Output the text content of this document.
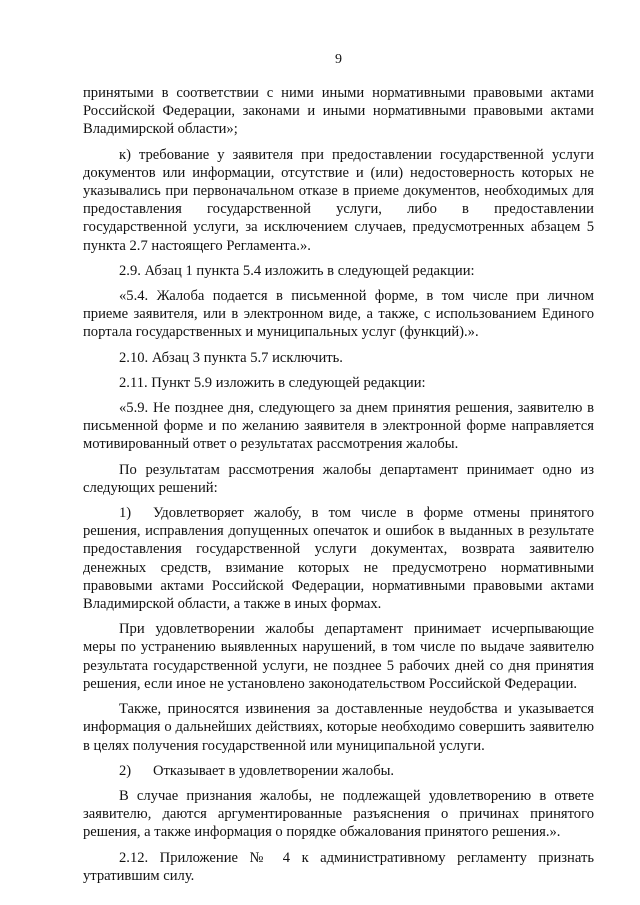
9

принятыми в соответствии с ними иными нормативными правовыми актами Российской Федерации, законами и иными нормативными правовыми актами Владимирской области»;

к) требование у заявителя при предоставлении государственной услуги документов или информации, отсутствие и (или) недостоверность которых не указывались при первоначальном отказе в приеме документов, необходимых для предоставления государственной услуги, либо в предоставлении государственной услуги, за исключением случаев, предусмотренных абзацем 5 пункта 2.7 настоящего Регламента.».

2.9. Абзац 1 пункта 5.4 изложить в следующей редакции:

«5.4. Жалоба подается в письменной форме, в том числе при личном приеме заявителя, или в электронном виде, а также, с использованием Единого портала государственных и муниципальных услуг (функций).».

2.10. Абзац 3 пункта 5.7 исключить.

2.11. Пункт 5.9 изложить в следующей редакции:

«5.9. Не позднее дня, следующего за днем принятия решения, заявителю в письменной форме и по желанию заявителя в электронной форме направляется мотивированный ответ о результатах рассмотрения жалобы.

По результатам рассмотрения жалобы департамент принимает одно из следующих решений:

1) Удовлетворяет жалобу, в том числе в форме отмены принятого решения, исправления допущенных опечаток и ошибок в выданных в результате предоставления государственной услуги документах, возврата заявителю денежных средств, взимание которых не предусмотрено нормативными правовыми актами Российской Федерации, нормативными правовыми актами Владимирской области, а также в иных формах.

При удовлетворении жалобы департамент принимает исчерпывающие меры по устранению выявленных нарушений, в том числе по выдаче заявителю результата государственной услуги, не позднее 5 рабочих дней со дня принятия решения, если иное не установлено законодательством Российской Федерации.

Также, приносятся извинения за доставленные неудобства и указывается информация о дальнейших действиях, которые необходимо совершить заявителю в целях получения государственной или муниципальной услуги.

2) Отказывает в удовлетворении жалобы.

В случае признания жалобы, не подлежащей удовлетворению в ответе заявителю, даются аргументированные разъяснения о причинах принятого решения, а также информация о порядке обжалования принятого решения.».

2.12. Приложение № 4 к административному регламенту признать утратившим силу.
